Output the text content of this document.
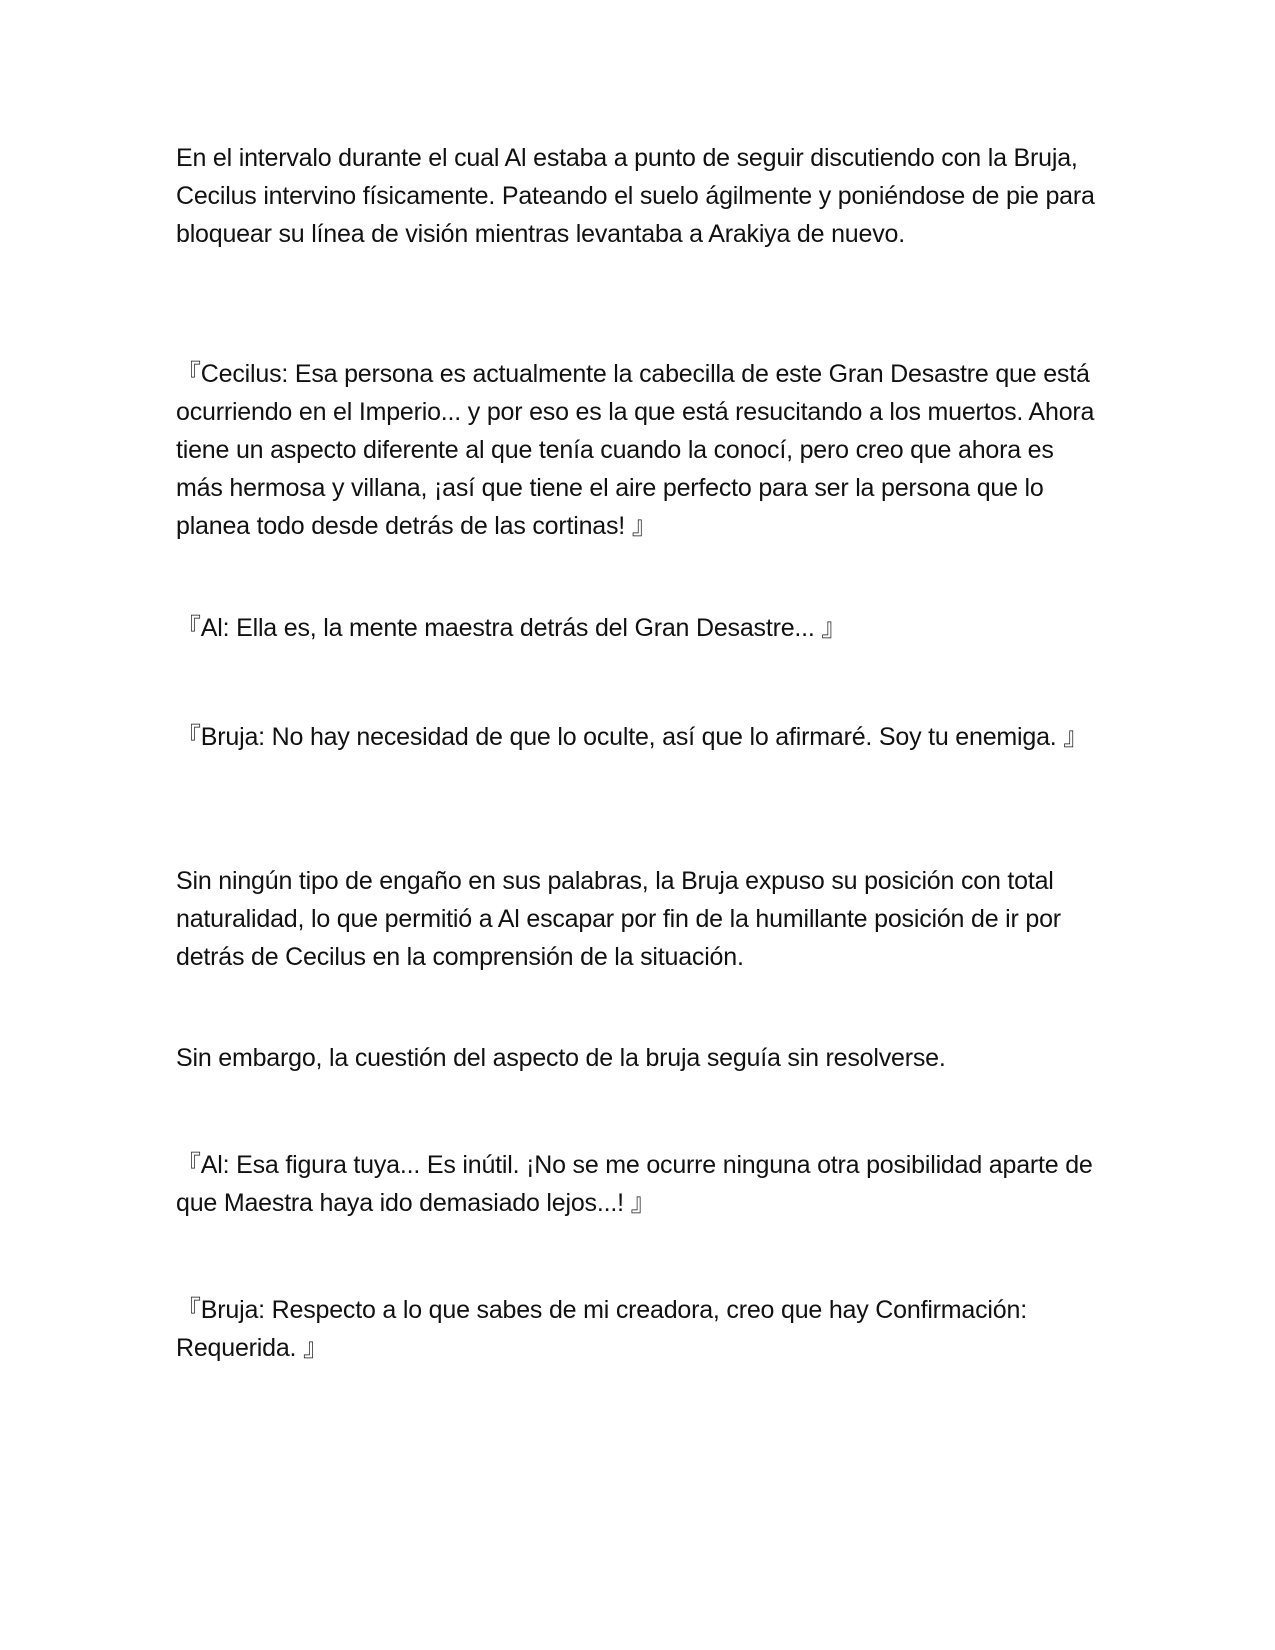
En el intervalo durante el cual Al estaba a punto de seguir discutiendo con la Bruja, Cecilus intervino físicamente. Pateando el suelo ágilmente y poniéndose de pie para bloquear su línea de visión mientras levantaba a Arakiya de nuevo.

『Cecilus: Esa persona es actualmente la cabecilla de este Gran Desastre que está ocurriendo en el Imperio... y por eso es la que está resucitando a los muertos. Ahora tiene un aspecto diferente al que tenía cuando la conocí, pero creo que ahora es más hermosa y villana, ¡así que tiene el aire perfecto para ser la persona que lo planea todo desde detrás de las cortinas! 』

『Al: Ella es, la mente maestra detrás del Gran Desastre... 』

『Bruja: No hay necesidad de que lo oculte, así que lo afirmaré. Soy tu enemiga. 』

Sin ningún tipo de engaño en sus palabras, la Bruja expuso su posición con total naturalidad, lo que permitió a Al escapar por fin de la humillante posición de ir por detrás de Cecilus en la comprensión de la situación.

Sin embargo, la cuestión del aspecto de la bruja seguía sin resolverse.

『Al: Esa figura tuya... Es inútil. ¡No se me ocurre ninguna otra posibilidad aparte de que Maestra haya ido demasiado lejos...! 』

『Bruja: Respecto a lo que sabes de mi creadora, creo que hay Confirmación: Requerida. 』
